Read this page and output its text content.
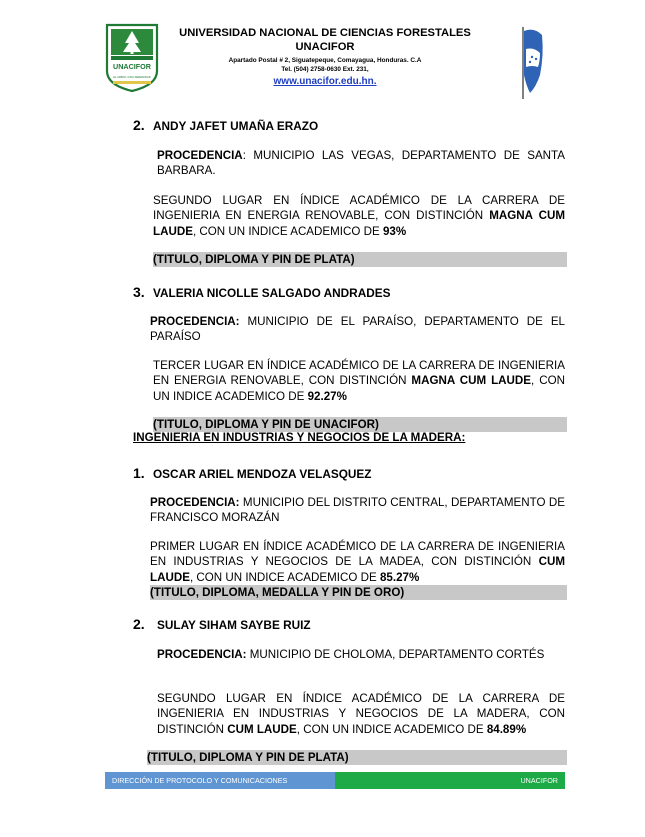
UNACIFOR
EL ARBOL VIDA SERENIDAD

UNIVERSIDAD NACIONAL DE CIENCIAS FORESTALES

UNACIFOR

Apartado Postal # 2, Siguatepeque, Comayagua, Honduras. C.A

Tel. (504) 2758-0630 Ext. 231,

www.unacifor.edu.hn.

2. ANDY JAFET UMAÑA ERAZO

PROCEDENCIA: MUNICIPIO LAS VEGAS, DEPARTAMENTO DE SANTA BARBARA.

SEGUNDO LUGAR EN ÍNDICE ACADÉMICO DE LA CARRERA DE INGENIERIA EN ENERGIA RENOVABLE, CON DISTINCIÓN MAGNA CUM LAUDE, CON UN INDICE ACADEMICO DE 93%

(TITULO, DIPLOMA Y PIN DE PLATA)
3. VALERIA NICOLLE SALGADO ANDRADES

PROCEDENCIA: MUNICIPIO DE EL PARAÍSO, DEPARTAMENTO DE EL PARAÍSO

TERCER LUGAR EN ÍNDICE ACADÉMICO DE LA CARRERA DE INGENIERIA EN ENERGIA RENOVABLE, CON DISTINCIÓN MAGNA CUM LAUDE, CON UN INDICE ACADEMICO DE 92.27%

(TITULO, DIPLOMA Y PIN DE UNACIFOR)
INGENIERIA EN INDUSTRIAS Y NEGOCIOS DE LA MADERA:
1. OSCAR ARIEL MENDOZA VELASQUEZ

PROCEDENCIA: MUNICIPIO DEL DISTRITO CENTRAL, DEPARTAMENTO DE FRANCISCO MORAZÁN

PRIMER LUGAR EN ÍNDICE ACADÉMICO DE LA CARRERA DE INGENIERIA EN INDUSTRIAS Y NEGOCIOS DE LA MADEA, CON DISTINCIÓN CUM LAUDE, CON UN INDICE ACADEMICO DE 85.27%

(TITULO, DIPLOMA, MEDALLA Y PIN DE ORO)
2. SULAY SIHAM SAYBE RUIZ

PROCEDENCIA: MUNICIPIO DE CHOLOMA, DEPARTAMENTO CORTÉS

SEGUNDO LUGAR EN ÍNDICE ACADÉMICO DE LA CARRERA DE INGENIERIA EN INDUSTRIAS Y NEGOCIOS DE LA MADERA, CON DISTINCIÓN CUM LAUDE, CON UN INDICE ACADEMICO DE 84.89%

(TITULO, DIPLOMA Y PIN DE PLATA)
DIRECCIÓN DE PROTOCOLO Y COMUNICACIONES	UNACIFOR
